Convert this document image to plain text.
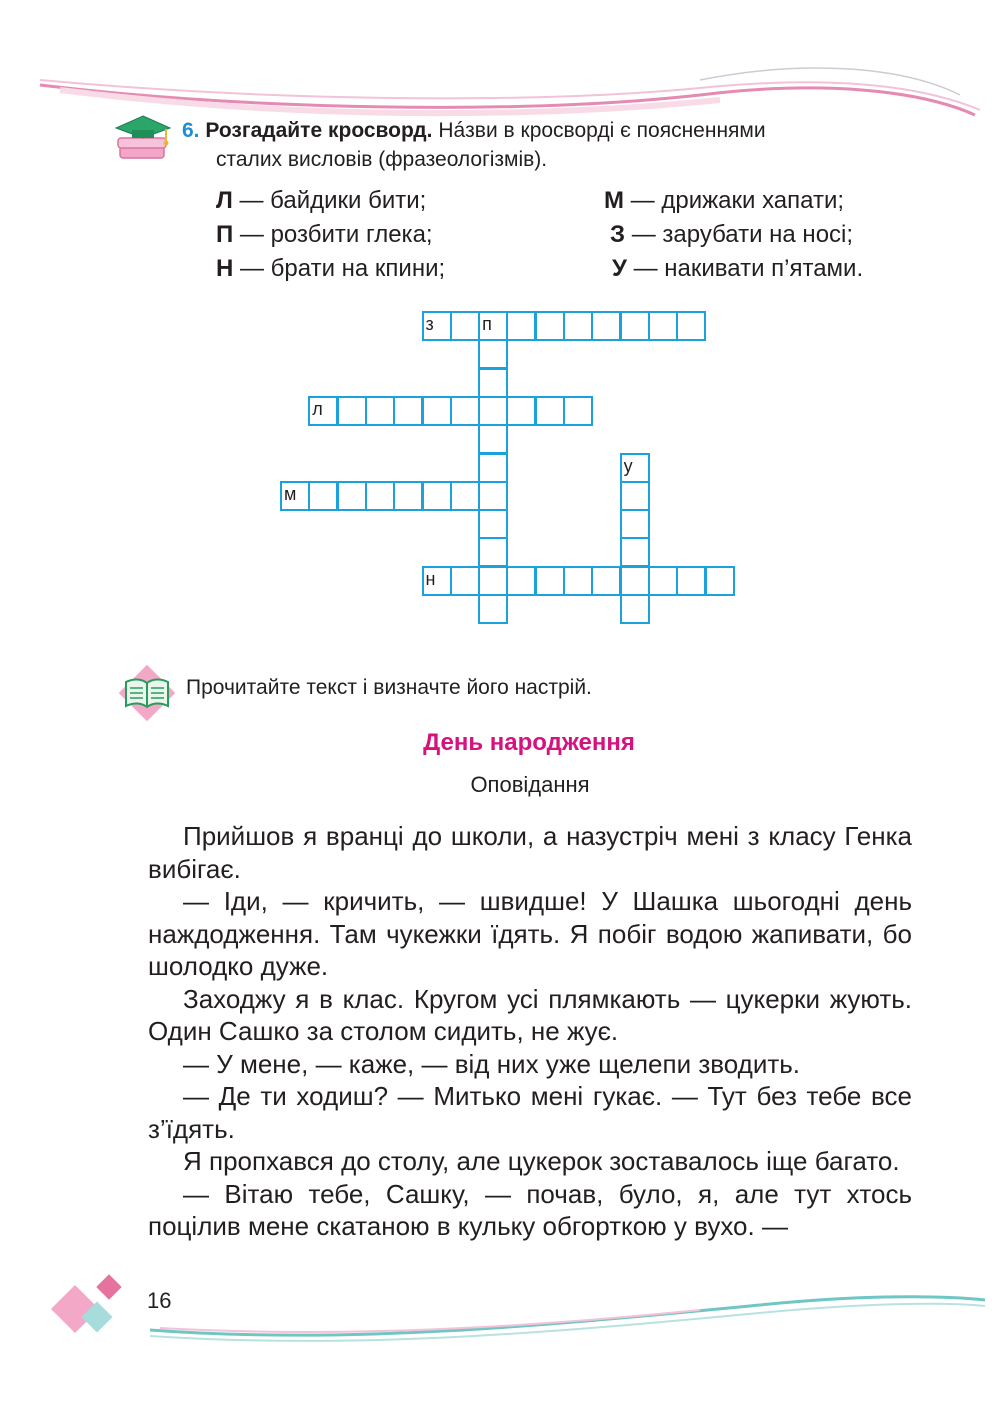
6. Розгадайте кросворд. Нáзви в кросворді є поясненнями
сталих висловів (фразеологізмів).
Л — байдики бити;
П — розбити глека;
Н — брати на кпини;
М — дрижаки хапати;
З — зарубати на носі;
У — накивати п’ятами.
з	п
л
м
н
у
Прочитайте текст і визначте його настрій.
День народження
Оповідання

Прийшов я вранці до школи, а назустріч мені з класу Генка вибігає.

— Іди, — кричить, — швидше! У Шашка шьогодні день наждодження. Там чукежки їдять. Я побіг водою жапивати, бо шолодко дуже.

Заходжу я в клас. Кругом усі плямкають — цукерки жують. Один Сашко за столом сидить, не жує.

— У мене, — каже, — від них уже щелепи зводить.

— Де ти ходиш? — Митько мені гукає. — Тут без тебе все з’їдять.

Я пропхався до столу, але цукерок зоставалось іще багато.

— Вітаю тебе, Сашку, — почав, було, я, але тут хтось поцілив мене скатаною в кульку обгорткою у вухо. —

16
